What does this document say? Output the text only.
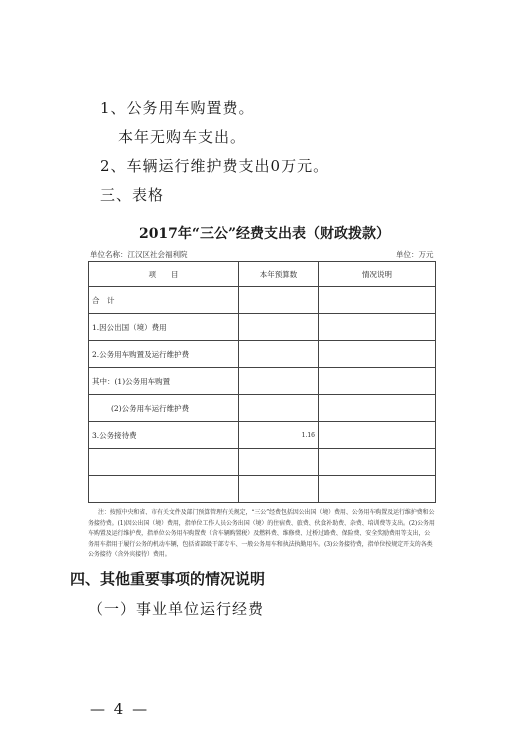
1、公务用车购置费。
本年无购车支出。
2、车辆运行维护费支出0万元。
三、表格
2017年“三公”经费支出表（财政拨款）
单位名称：江汉区社会福利院	单位：万元
项　　目	本年预算数	情况说明
合　计		
1.因公出国（境）费用		
2.公务用车购置及运行维护费		
其中：(1)公务用车购置		
(2)公务用车运行维护费		
3.公务接待费	1.16	

注：按照中央和省、市有关文件及部门预算管理有关规定，“三公”经费包括因公出国（境）费用、公务用车购置及运行维护费和公务接待费。(1)因公出国（境）费用，指单位工作人员公务出国（境）的住宿费、旅费、伙食补助费、杂费、培训费等支出。(2)公务用车购置及运行维护费，指单位公务用车购置费（含车辆购置税）及燃料费、维修费、过桥过路费、保险费、安全奖励费用等支出，公务用车指用于履行公务的机动车辆，包括省部级干部专车、一般公务用车和执法执勤用车。(3)公务接待费，指单位按规定开支的各类公务接待（含外宾接待）费用。
四、其他重要事项的情况说明
（一）事业单位运行经费
— 4 —
